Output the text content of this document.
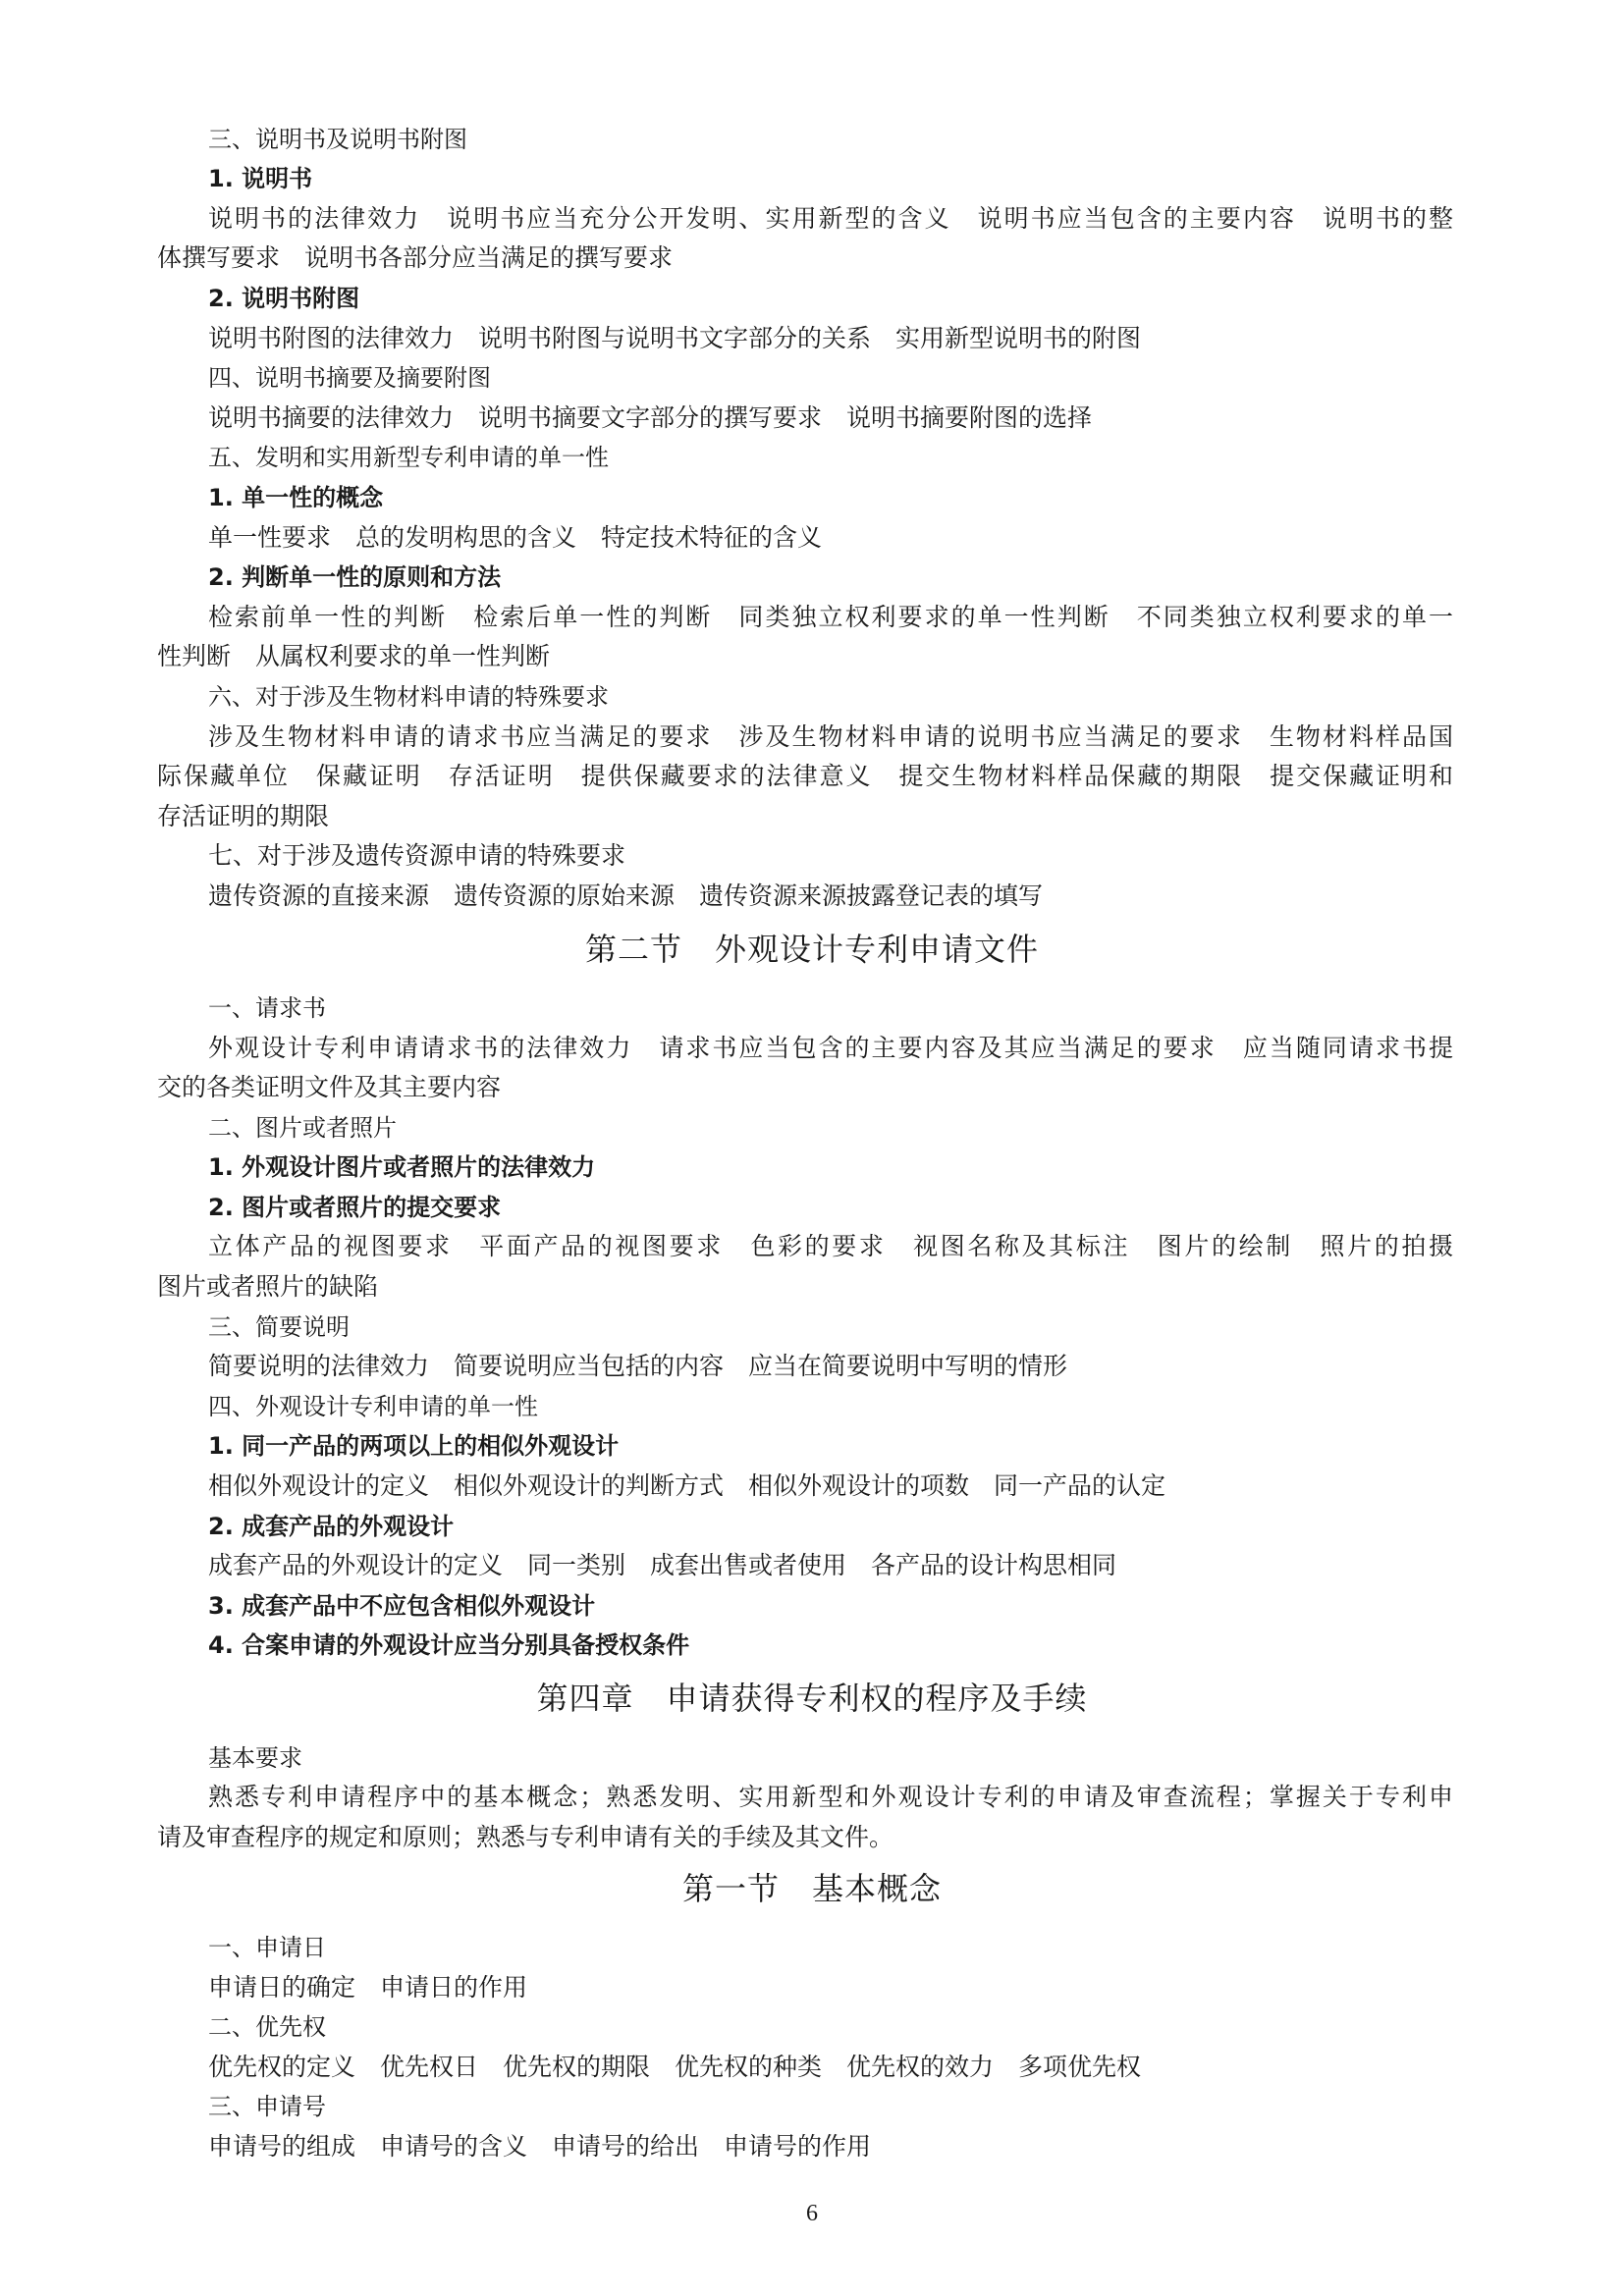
三、说明书及说明书附图
1. 说明书
说明书的法律效力　说明书应当充分公开发明、实用新型的含义　说明书应当包含的主要内容　说明书的整
体撰写要求　说明书各部分应当满足的撰写要求
2. 说明书附图
说明书附图的法律效力　说明书附图与说明书文字部分的关系　实用新型说明书的附图
四、说明书摘要及摘要附图
说明书摘要的法律效力　说明书摘要文字部分的撰写要求　说明书摘要附图的选择
五、发明和实用新型专利申请的单一性
1. 单一性的概念
单一性要求　总的发明构思的含义　特定技术特征的含义
2. 判断单一性的原则和方法
检索前单一性的判断　检索后单一性的判断　同类独立权利要求的单一性判断　不同类独立权利要求的单一
性判断　从属权利要求的单一性判断
六、对于涉及生物材料申请的特殊要求
涉及生物材料申请的请求书应当满足的要求　涉及生物材料申请的说明书应当满足的要求　生物材料样品国
际保藏单位　保藏证明　存活证明　提供保藏要求的法律意义　提交生物材料样品保藏的期限　提交保藏证明和
存活证明的期限
七、对于涉及遗传资源申请的特殊要求
遗传资源的直接来源　遗传资源的原始来源　遗传资源来源披露登记表的填写
第二节　外观设计专利申请文件
一、请求书
外观设计专利申请请求书的法律效力　请求书应当包含的主要内容及其应当满足的要求　应当随同请求书提
交的各类证明文件及其主要内容
二、图片或者照片
1. 外观设计图片或者照片的法律效力
2. 图片或者照片的提交要求
立体产品的视图要求　平面产品的视图要求　色彩的要求　视图名称及其标注　图片的绘制　照片的拍摄
图片或者照片的缺陷
三、简要说明
简要说明的法律效力　简要说明应当包括的内容　应当在简要说明中写明的情形
四、外观设计专利申请的单一性
1. 同一产品的两项以上的相似外观设计
相似外观设计的定义　相似外观设计的判断方式　相似外观设计的项数　同一产品的认定
2. 成套产品的外观设计
成套产品的外观设计的定义　同一类别　成套出售或者使用　各产品的设计构思相同
3. 成套产品中不应包含相似外观设计
4. 合案申请的外观设计应当分别具备授权条件
第四章　申请获得专利权的程序及手续
基本要求
熟悉专利申请程序中的基本概念；熟悉发明、实用新型和外观设计专利的申请及审查流程；掌握关于专利申
请及审查程序的规定和原则；熟悉与专利申请有关的手续及其文件。
第一节　基本概念
一、申请日
申请日的确定　申请日的作用
二、优先权
优先权的定义　优先权日　优先权的期限　优先权的种类　优先权的效力　多项优先权
三、申请号
申请号的组成　申请号的含义　申请号的给出　申请号的作用
6
